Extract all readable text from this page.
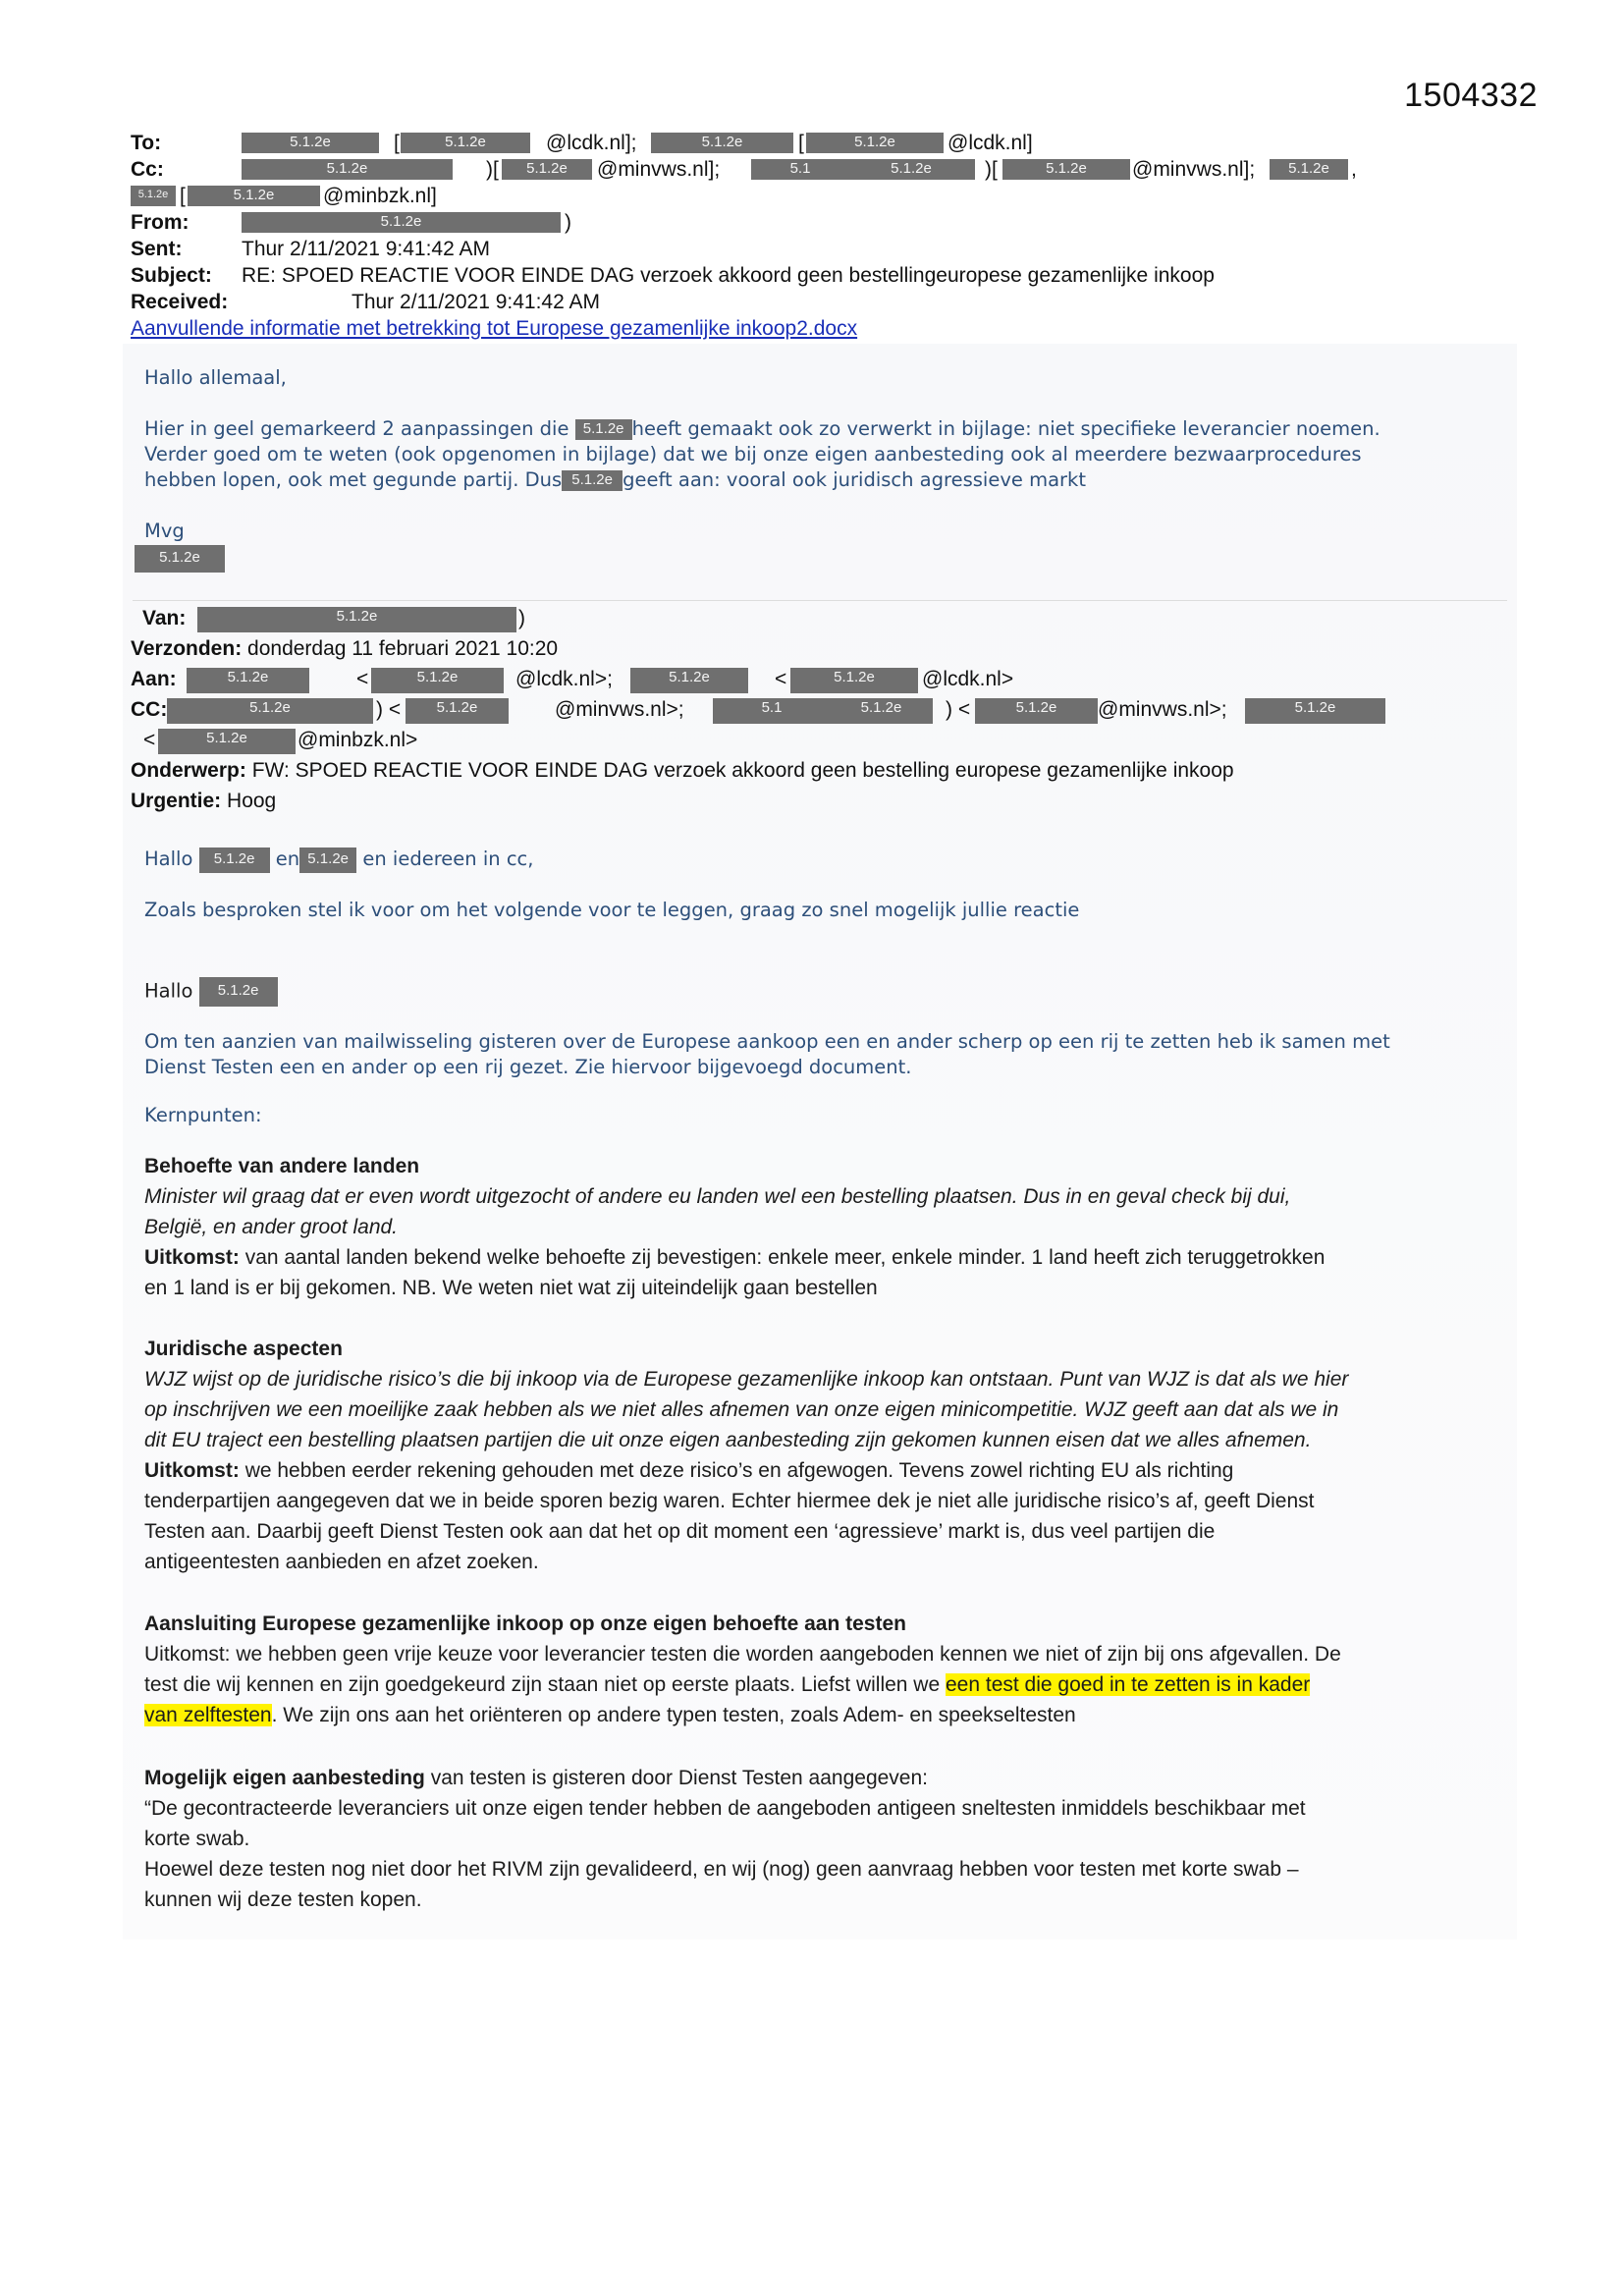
1504332
To:	5.1.2e	[	5.1.2e	@lcdk.nl];	5.1.2e	[	5.1.2e	@lcdk.nl]
Cc:	5.1.2e	)[	5.1.2e	@minvws.nl];	5.1	5.1.2e	)[	5.1.2e	@minvws.nl];	5.1.2e	,
5.1.2e [	5.1.2e	@minbzk.nl]
From:	5.1.2e	)
Sent:	Thur 2/11/2021 9:41:42 AM
Subject: RE: SPOED REACTIE VOOR EINDE DAG verzoek akkoord geen bestellingeuropese gezamenlijke inkoop
Received:	Thur 2/11/2021 9:41:42 AM
Aanvullende informatie met betrekking tot Europese gezamenlijke inkoop2.docx
Hallo allemaal,
Hier in geel gemarkeerd 2 aanpassingen die 5.1.2e heeft gemaakt ook zo verwerkt in bijlage: niet specifieke leverancier noemen.
Verder goed om te weten (ook opgenomen in bijlage) dat we bij onze eigen aanbesteding ook al meerdere bezwaarprocedures
hebben lopen, ook met gegunde partij. Dus 5.1.2e geeft aan: vooral ook juridisch agressieve markt
Mvg
5.1.2e
Van:	5.1.2e	)
Verzonden: donderdag 11 februari 2021 10:20
Aan:	5.1.2e	<	5.1.2e	@lcdk.nl>;	5.1.2e	<	5.1.2e	@lcdk.nl>
CC:	5.1.2e	) <	5.1.2e	@minvws.nl>;	5.1	5.1.2e	) <	5.1.2e	@minvws.nl>;	5.1.2e
<	5.1.2e	@minbzk.nl>
Onderwerp: FW: SPOED REACTIE VOOR EINDE DAG verzoek akkoord geen bestelling europese gezamenlijke inkoop
Urgentie: Hoog
Hallo 5.1.2e en 5.1.2e en iedereen in cc,
Zoals besproken stel ik voor om het volgende voor te leggen, graag zo snel mogelijk jullie reactie
Hallo 5.1.2e
Om ten aanzien van mailwisseling gisteren over de Europese aankoop een en ander scherp op een rij te zetten heb ik samen met
Dienst Testen een en ander op een rij gezet. Zie hiervoor bijgevoegd document.
Kernpunten:
Behoefte van andere landen
Minister wil graag dat er even wordt uitgezocht of andere eu landen wel een bestelling plaatsen. Dus in en geval check bij dui,
België, en ander groot land.
Uitkomst: van aantal landen bekend welke behoefte zij bevestigen: enkele meer, enkele minder. 1 land heeft zich teruggetrokken
en 1 land is er bij gekomen. NB. We weten niet wat zij uiteindelijk gaan bestellen
Juridische aspecten
WJZ wijst op de juridische risico’s die bij inkoop via de Europese gezamenlijke inkoop kan ontstaan. Punt van WJZ is dat als we hier
op inschrijven we een moeilijke zaak hebben als we niet alles afnemen van onze eigen minicompetitie. WJZ geeft aan dat als we in
dit EU traject een bestelling plaatsen partijen die uit onze eigen aanbesteding zijn gekomen kunnen eisen dat we alles afnemen.
Uitkomst: we hebben eerder rekening gehouden met deze risico’s en afgewogen. Tevens zowel richting EU als richting
tenderpartijen aangegeven dat we in beide sporen bezig waren. Echter hiermee dek je niet alle juridische risico’s af, geeft Dienst
Testen aan. Daarbij geeft Dienst Testen ook aan dat het op dit moment een ‘agressieve’ markt is, dus veel partijen die
antigeentesten aanbieden en afzet zoeken.
Aansluiting Europese gezamenlijke inkoop op onze eigen behoefte aan testen
Uitkomst: we hebben geen vrije keuze voor leverancier testen die worden aangeboden kennen we niet of zijn bij ons afgevallen. De
test die wij kennen en zijn goedgekeurd zijn staan niet op eerste plaats. Liefst willen we een test die goed in te zetten is in kader
van zelftesten. We zijn ons aan het oriënteren op andere typen testen, zoals Adem- en speekseltesten
Mogelijk eigen aanbesteding van testen is gisteren door Dienst Testen aangegeven:
“De gecontracteerde leveranciers uit onze eigen tender hebben de aangeboden antigeen sneltesten inmiddels beschikbaar met
korte swab.
Hoewel deze testen nog niet door het RIVM zijn gevalideerd, en wij (nog) geen aanvraag hebben voor testen met korte swab –
kunnen wij deze testen kopen.
